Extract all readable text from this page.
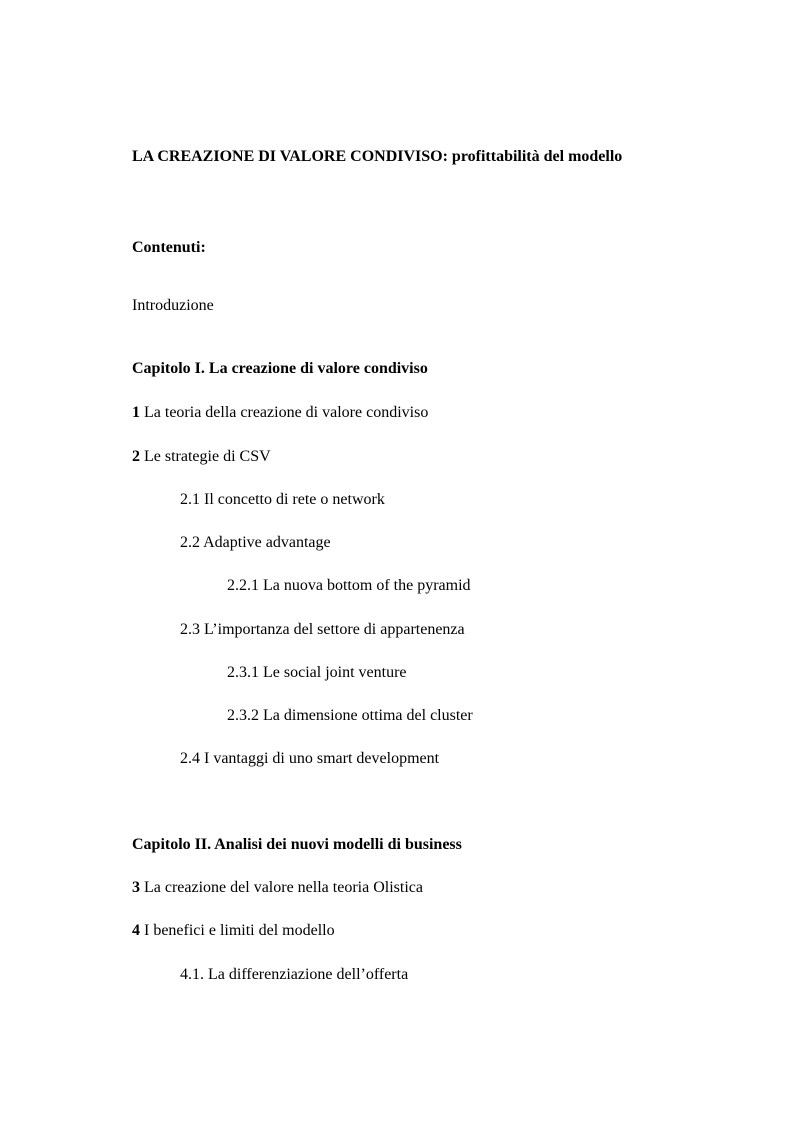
LA CREAZIONE DI VALORE CONDIVISO: profittabilità del modello
Contenuti:
Introduzione
Capitolo I. La creazione di valore condiviso
1 La teoria della creazione di valore condiviso
2 Le strategie di CSV
2.1 Il concetto di rete o network
2.2 Adaptive advantage
2.2.1 La nuova bottom of the pyramid
2.3 L’importanza del settore di appartenenza
2.3.1 Le social joint venture
2.3.2 La dimensione ottima del cluster
2.4 I vantaggi di uno smart development
Capitolo II. Analisi dei nuovi modelli di business
3 La creazione del valore nella teoria Olistica
4 I benefici e limiti del modello
4.1. La differenziazione dell’offerta
